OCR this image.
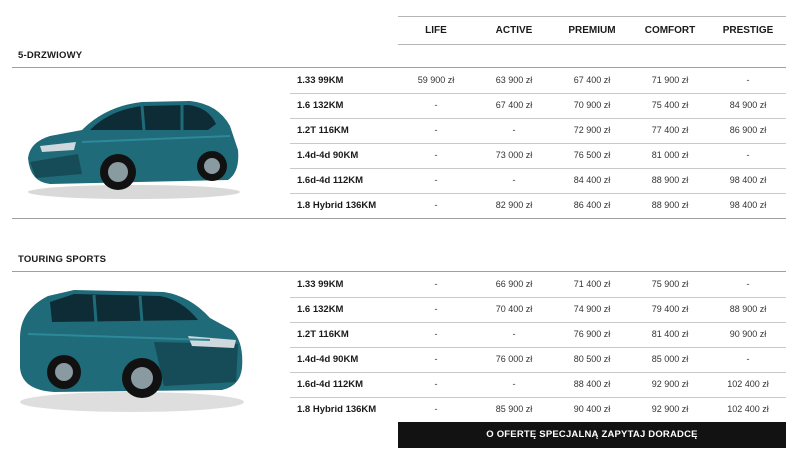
LIFE	ACTIVE	PREMIUM	COMFORT	PRESTIGE
5-DRZWIOWY
1.33 99KM	59 900 zł	63 900 zł	67 400 zł	71 900 zł	-
1.6 132KM	-	67 400 zł	70 900 zł	75 400 zł	84 900 zł
1.2T 116KM	-	-	72 900 zł	77 400 zł	86 900 zł
1.4d-4d 90KM	-	73 000 zł	76 500 zł	81 000 zł	-
1.6d-4d 112KM	-	-	84 400 zł	88 900 zł	98 400 zł
1.8 Hybrid 136KM	-	82 900 zł	86 400 zł	88 900 zł	98 400 zł
TOURING SPORTS
1.33 99KM	-	66 900 zł	71 400 zł	75 900 zł	-
1.6 132KM	-	70 400 zł	74 900 zł	79 400 zł	88 900 zł
1.2T 116KM	-	-	76 900 zł	81 400 zł	90 900 zł
1.4d-4d 90KM	-	76 000 zł	80 500 zł	85 000 zł	-
1.6d-4d 112KM	-	-	88 400 zł	92 900 zł	102 400 zł
1.8 Hybrid 136KM	-	85 900 zł	90 400 zł	92 900 zł	102 400 zł
O OFERTĘ SPECJALNĄ ZAPYTAJ DORADCĘ
